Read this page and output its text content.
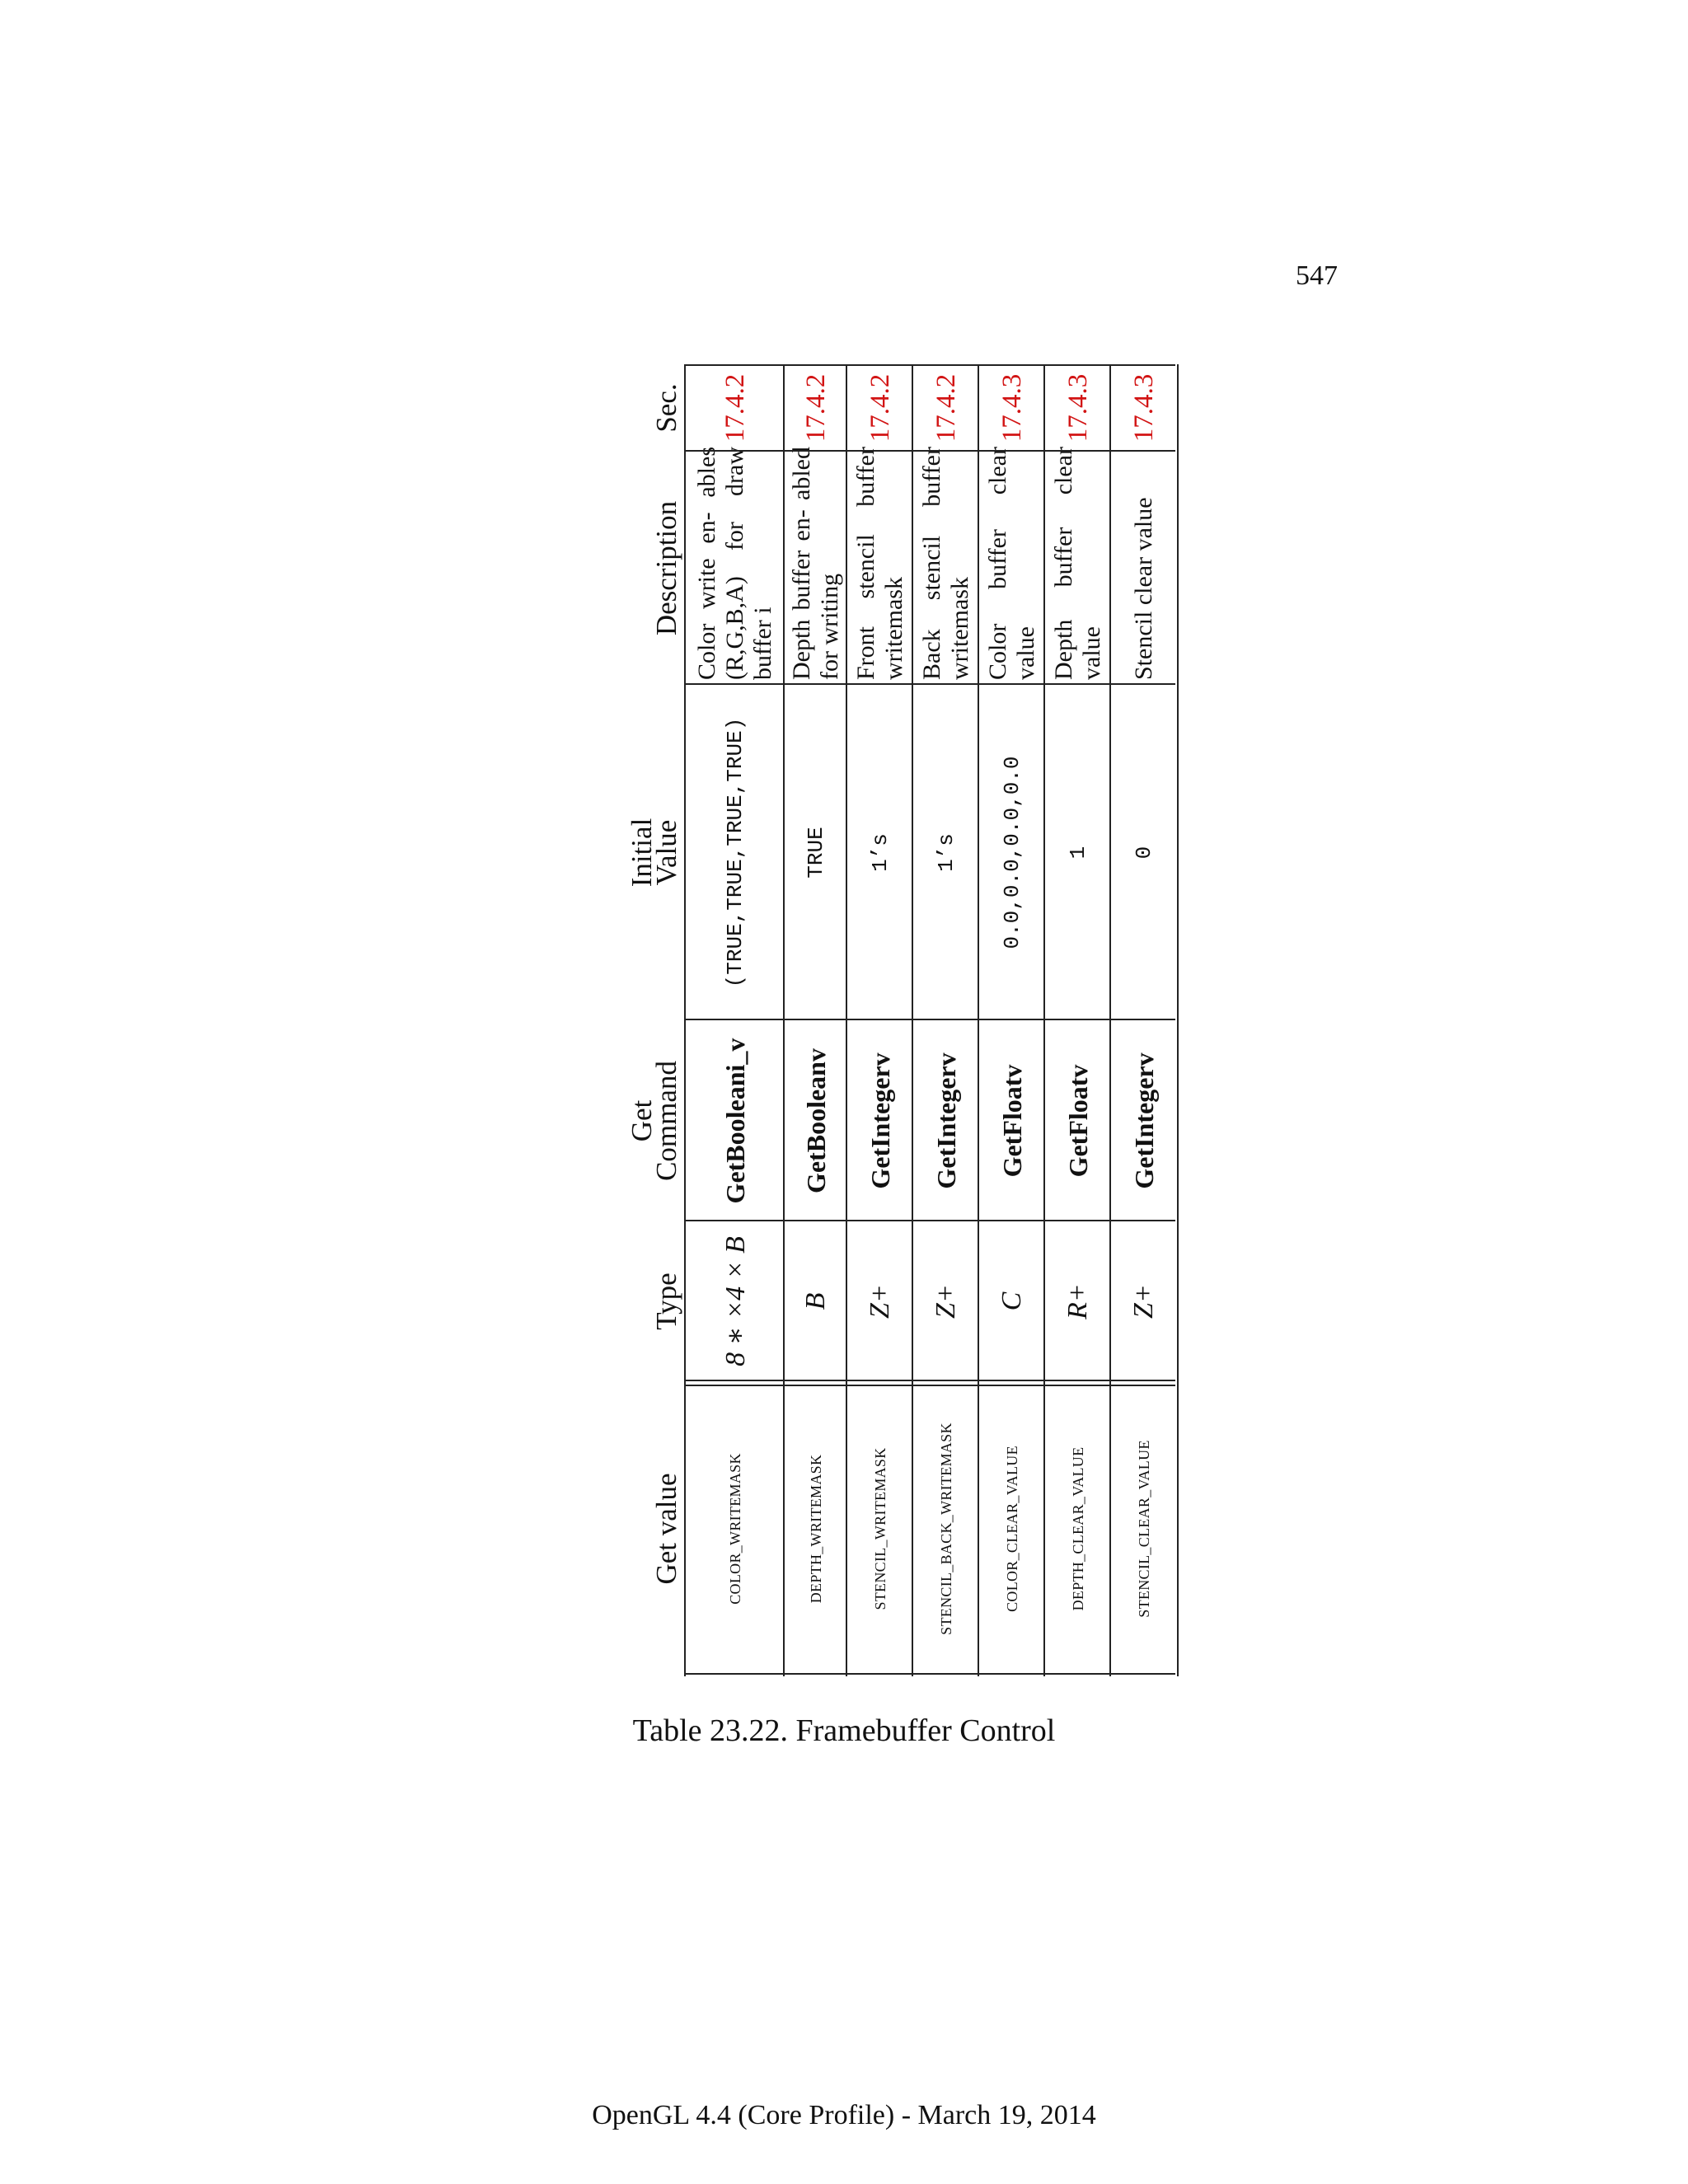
547
Get value
Type
Get
Command
Initial
Value
Description
Sec.
COLOR_WRITEMASK
8 ∗ ×4 × B
GetBooleani_v
(TRUE,TRUE,TRUE,TRUE)
Color write en- ables (R,G,B,A) for draw buffer i
17.4.2
DEPTH_WRITEMASK
B
GetBooleanv
TRUE
Depth buffer en- abled for writing
17.4.2
STENCIL_WRITEMASK
Z+
GetIntegerv
1’s
Front stencil buffer writemask
17.4.2
STENCIL_BACK_WRITEMASK
Z+
GetIntegerv
1’s
Back stencil buffer writemask
17.4.2
COLOR_CLEAR_VALUE
C
GetFloatv
0.0,0.0,0.0,0.0
Color buffer clear value
17.4.3
DEPTH_CLEAR_VALUE
R+
GetFloatv
1
Depth buffer clear value
17.4.3
STENCIL_CLEAR_VALUE
Z+
GetIntegerv
0
Stencil clear value
17.4.3
Table 23.22. Framebuffer Control
OpenGL 4.4 (Core Profile) - March 19, 2014
